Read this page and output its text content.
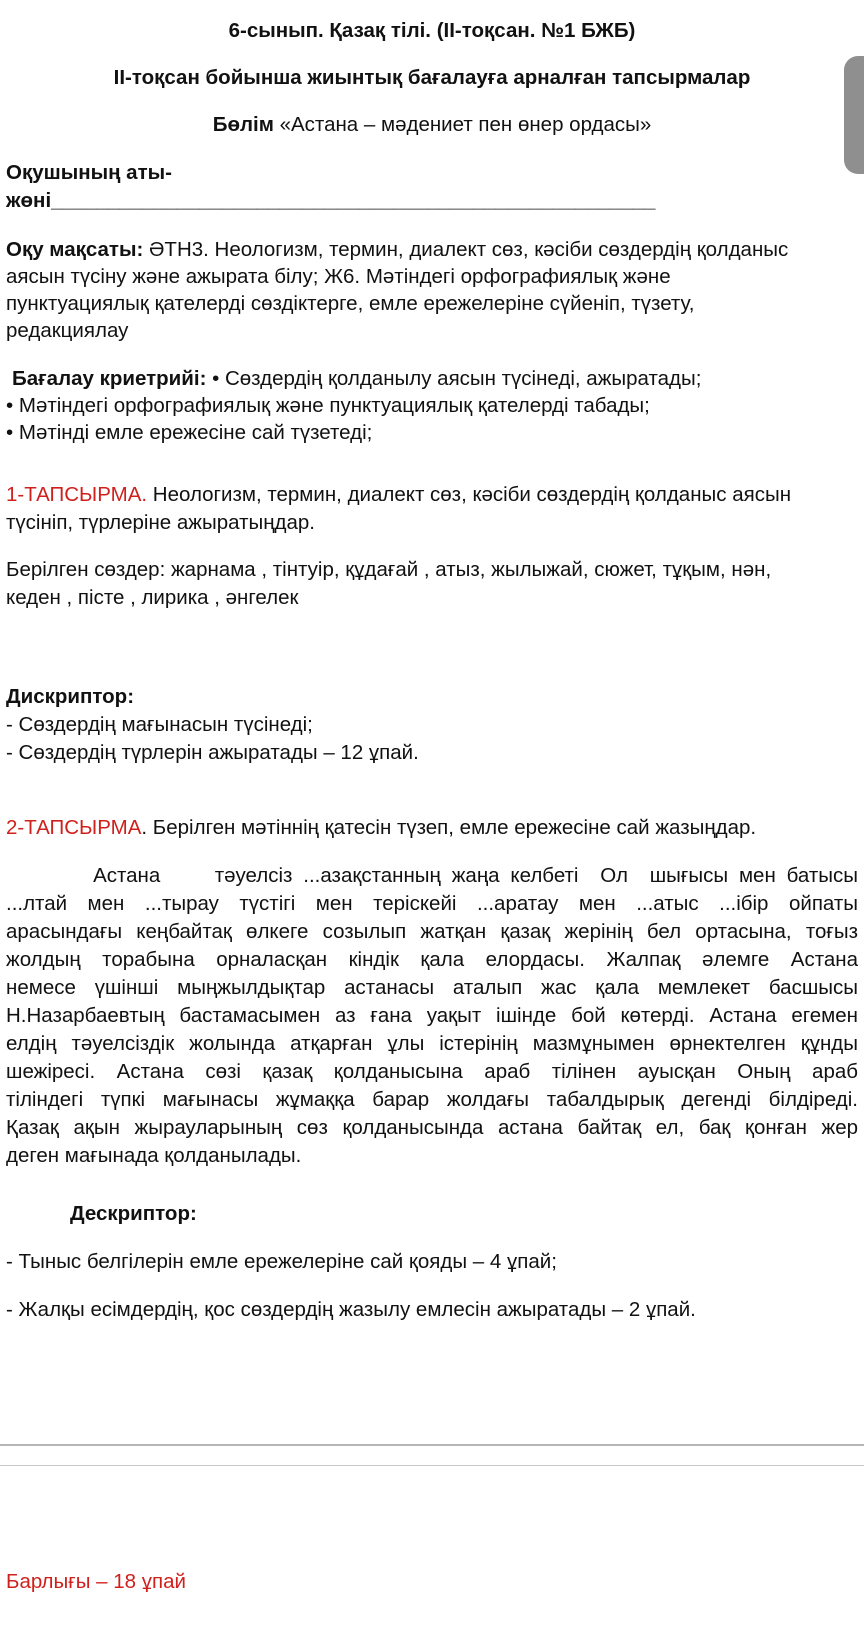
6-сынып. Қазақ тілі. (ІІ-тоқсан. №1 БЖБ)
ІІ-тоқсан бойынша жиынтық бағалауға арналған тапсырмалар
Бөлім «Астана – мәдениет пен өнер ордасы»
Оқушының аты-
жөні_____________________________________________________
Оқу мақсаты: ӘТН3. Неологизм, термин, диалект сөз, кәсіби сөздердің қолданыс
аясын түсіну және ажырата білу; Ж6. Мәтіндегі орфографиялық және
пунктуациялық қателерді сөздіктерге, емле ережелеріне сүйеніп, түзету,
редакциялау
Бағалау криетрийі: • Сөздердің қолданылу аясын түсінеді, ажыратады;
• Мәтіндегі орфографиялық және пунктуациялық қателерді табады;
• Мәтінді емле ережесіне сай түзетеді;
1-ТАПСЫРМА. Неологизм, термин, диалект сөз, кәсіби сөздердің қолданыс аясын
түсініп, түрлеріне ажыратыңдар.
Берілген сөздер: жарнама , тінтуір, құдағай , атыз, жылыжай, сюжет, тұқым, нән,
кеден , пісте , лирика , әнгелек
Дискриптор:
- Сөздердің мағынасын түсінеді;
- Сөздердің түрлерін ажыратады – 12 ұпай.
2-ТАПСЫРМА. Берілген мәтіннің қатесін түзеп, емле ережесіне сай жазыңдар.
Астана     тәуелсіз ...азақстанның жаңа келбеті  Ол  шығысы мен батысы
...лтай мен ...тырау түстігі мен теріскейі ...аратау мен ...атыс ...ібір ойпаты
арасындағы кеңбайтақ өлкеге созылып жатқан қазақ жерінің бел ортасына, тоғыз
жолдың торабына орналасқан кіндік қала елордасы. Жалпақ әлемге Астана
немесе үшінші мыңжылдықтар астанасы аталып жас қала мемлекет басшысы
Н.Назарбаевтың бастамасымен аз ғана уақыт ішінде бой көтерді. Астана егемен
елдің тәуелсіздік жолында атқарған ұлы істерінің мазмұнымен өрнектелген құнды
шежіресі. Астана сөзі қазақ қолданысына араб тілінен ауысқан Оның араб
тіліндегі түпкі мағынасы жұмаққа барар жолдағы табалдырық дегенді білдіреді.
Қазақ ақын жырауларының сөз қолданысында астана байтақ ел, бақ қонған жер
деген мағынада қолданылады.
Дескриптор:
- Тыныс белгілерін емле ережелеріне сай қояды – 4 ұпай;
- Жалқы есімдердің, қос сөздердің жазылу емлесін ажыратады – 2 ұпай.
Барлығы – 18 ұпай
